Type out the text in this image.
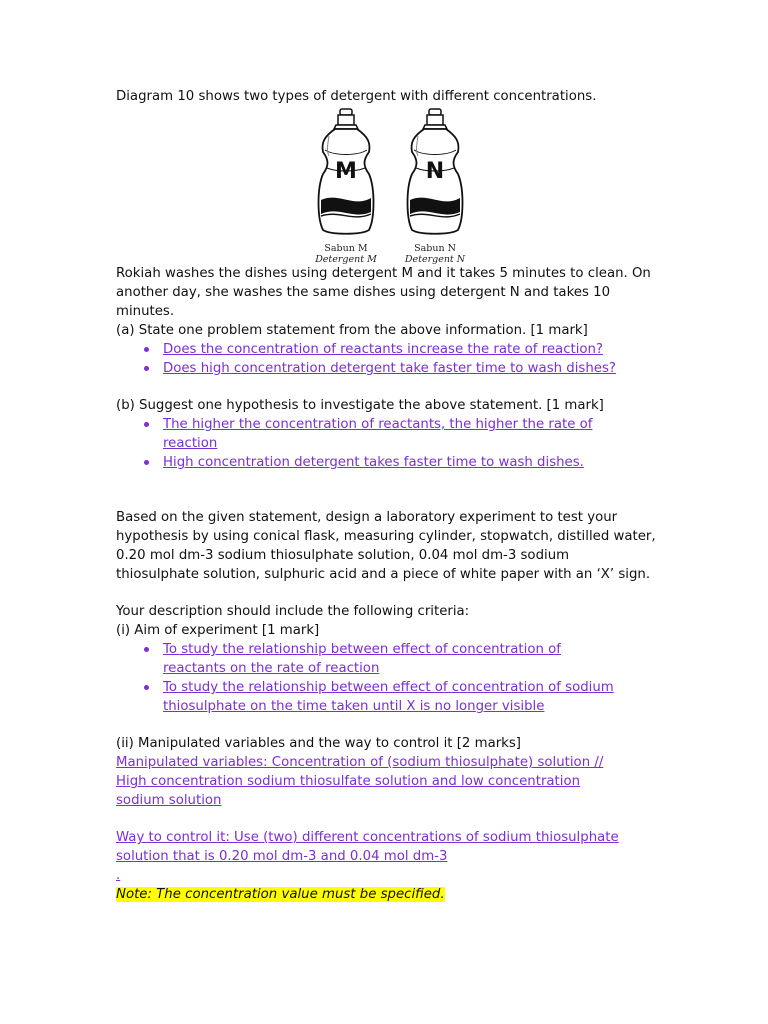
Diagram 10 shows two types of detergent with different concentrations.

M	N
Sabun M
Detergent M
Sabun N
Detergent N

Rokiah washes the dishes using detergent M and it takes 5 minutes to clean. On another day, she washes the same dishes using detergent N and takes 10 minutes.

(a) State one problem statement from the above information. [1 mark]

Does the concentration of reactants increase the rate of reaction?
Does high concentration detergent take faster time to wash dishes?

(b) Suggest one hypothesis to investigate the above statement. [1 mark]

The higher the concentration of reactants, the higher the rate of reaction
High concentration detergent takes faster time to wash dishes.

Based on the given statement, design a laboratory experiment to test your hypothesis by using conical flask, measuring cylinder, stopwatch, distilled water, 0.20 mol dm-3 sodium thiosulphate solution, 0.04 mol dm-3 sodium thiosulphate solution, sulphuric acid and a piece of white paper with an ‘X’ sign.

Your description should include the following criteria:

(i) Aim of experiment [1 mark]

To study the relationship between effect of concentration of reactants on the rate of reaction
To study the relationship between effect of concentration of sodium thiosulphate on the time taken until X is no longer visible

(ii) Manipulated variables and the way to control it [2 marks]

Manipulated variables: Concentration of (sodium thiosulphate) solution // High concentration sodium thiosulfate solution and low concentration sodium solution

Way to control it: Use (two) different concentrations of sodium thiosulphate solution that is 0.20 mol dm-3 and 0.04 mol dm-3

.

Note: The concentration value must be specified.
